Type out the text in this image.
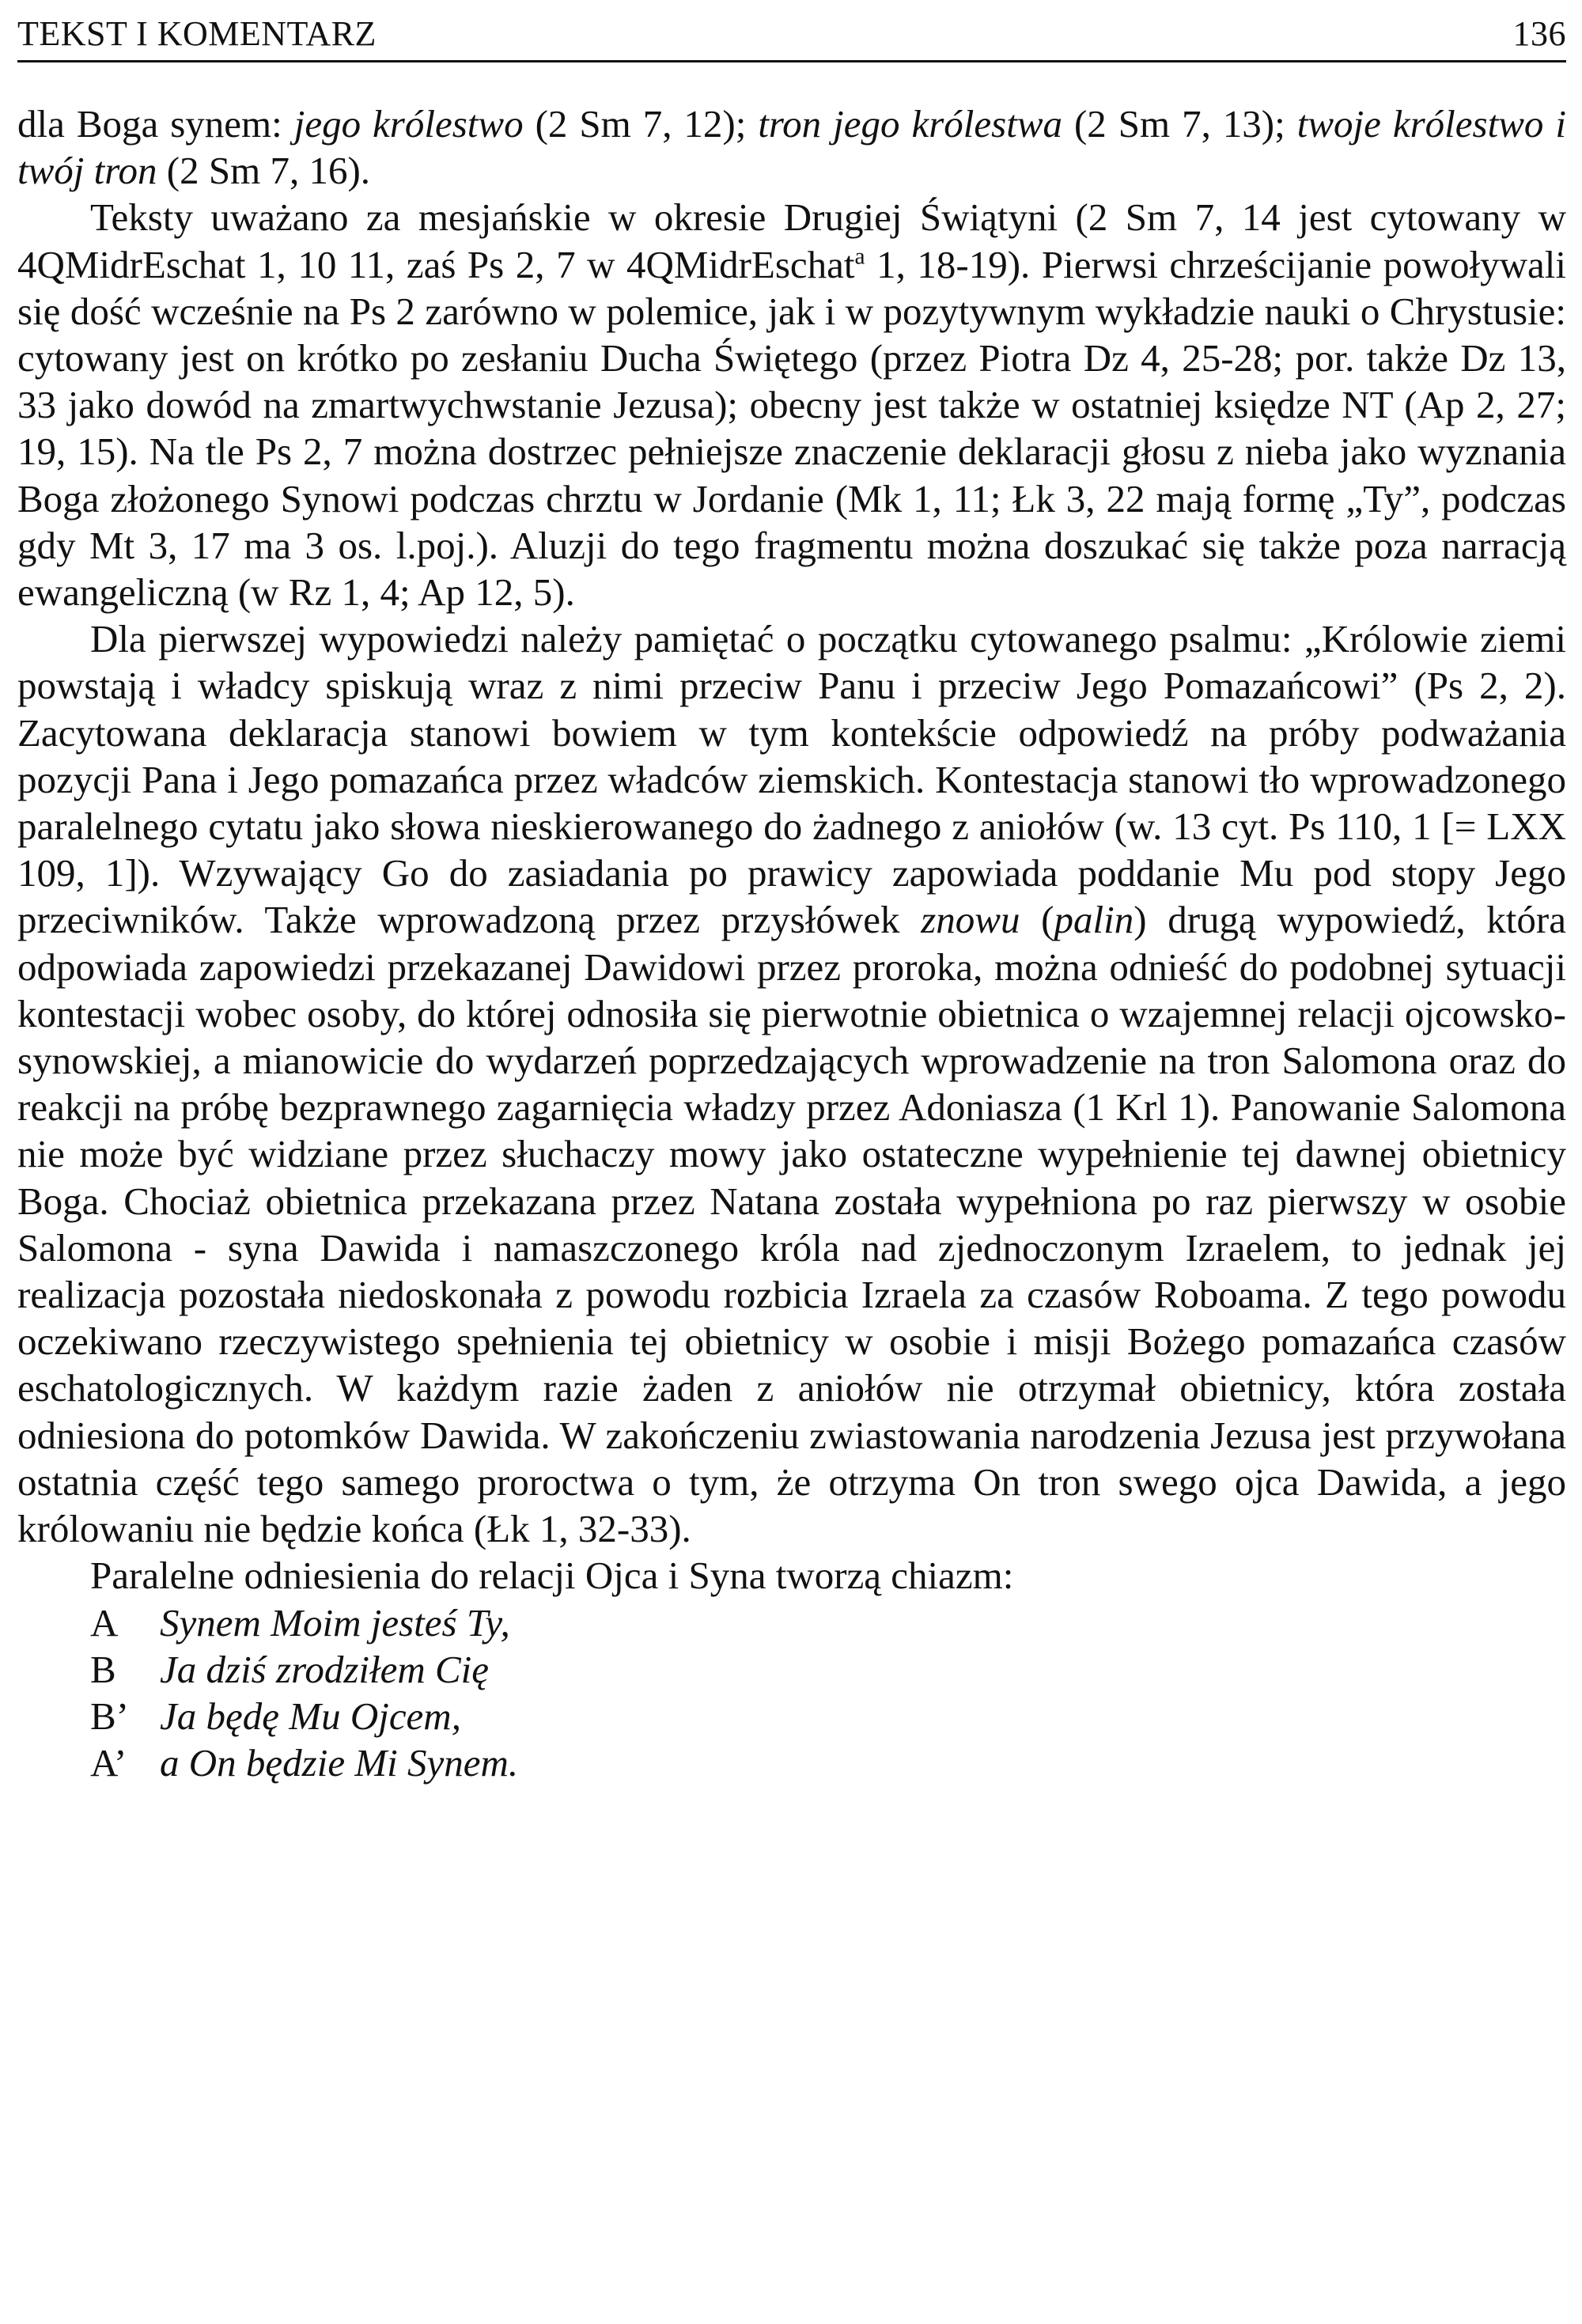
TEKST I KOMENTARZ	136

dla Boga synem: jego królestwo (2 Sm 7, 12); tron jego królestwa (2 Sm 7, 13); twoje królestwo i twój tron (2 Sm 7, 16).

Teksty uważano za mesjańskie w okresie Drugiej Świątyni (2 Sm 7, 14 jest cytowany w 4QMidrEschat 1, 10 11, zaś Ps 2, 7 w 4QMidrEschat$^a$ 1, 18-19). Pierwsi chrześcijanie powoływali się dość wcześnie na Ps 2 zarówno w polemice, jak i w pozytywnym wykładzie nauki o Chrystusie: cytowany jest on krótko po zesłaniu Ducha Świętego (przez Piotra Dz 4, 25-28; por. także Dz 13, 33 jako dowód na zmartwychwstanie Jezusa); obecny jest także w ostatniej księdze NT (Ap 2, 27; 19, 15). Na tle Ps 2, 7 można dostrzec pełniejsze znaczenie deklaracji głosu z nieba jako wyznania Boga złożonego Synowi podczas chrztu w Jordanie (Mk 1, 11; Łk 3, 22 mają formę „Ty”, podczas gdy Mt 3, 17 ma 3 os. l.poj.). Aluzji do tego fragmentu można doszukać się także poza narracją ewangeliczną (w Rz 1, 4; Ap 12, 5).

Dla pierwszej wypowiedzi należy pamiętać o początku cytowanego psalmu: „Królowie ziemi powstają i władcy spiskują wraz z nimi przeciw Panu i przeciw Jego Pomazańcowi” (Ps 2, 2). Zacytowana deklaracja stanowi bowiem w tym kontekście odpowiedź na próby podważania pozycji Pana i Jego pomazańca przez władców ziemskich. Kontestacja stanowi tło wprowadzonego paralelnego cytatu jako słowa nieskierowanego do żadnego z aniołów (w. 13 cyt. Ps 110, 1 [= LXX 109, 1]). Wzywający Go do zasiadania po prawicy zapowiada poddanie Mu pod stopy Jego przeciwników. Także wprowadzoną przez przysłówek znowu (palin) drugą wypowiedź, która odpowiada zapowiedzi przekazanej Dawidowi przez proroka, można odnieść do podobnej sytuacji kontestacji wobec osoby, do której odnosiła się pierwotnie obietnica o wzajemnej relacji ojcowsko-synowskiej, a mianowicie do wydarzeń poprzedzających wprowadzenie na tron Salomona oraz do reakcji na próbę bezprawnego zagarnięcia władzy przez Adoniasza (1 Krl 1). Panowanie Salomona nie może być widziane przez słuchaczy mowy jako ostateczne wypełnienie tej dawnej obietnicy Boga. Chociaż obietnica przekazana przez Natana została wypełniona po raz pierwszy w osobie Salomona - syna Dawida i namaszczonego króla nad zjednoczonym Izraelem, to jednak jej realizacja pozostała niedoskonała z powodu rozbicia Izraela za czasów Roboama. Z tego powodu oczekiwano rzeczywistego spełnienia tej obietnicy w osobie i misji Bożego pomazańca czasów eschatologicznych. W każdym razie żaden z aniołów nie otrzymał obietnicy, która została odniesiona do potomków Dawida. W zakończeniu zwiastowania narodzenia Jezusa jest przywołana ostatnia część tego samego proroctwa o tym, że otrzyma On tron swego ojca Dawida, a jego królowaniu nie będzie końca (Łk 1, 32-33).

Paralelne odniesienia do relacji Ojca i Syna tworzą chiazm:

A	Synem Moim jesteś Ty,
B	Ja dziś zrodziłem Cię
B’ Ja będę Mu Ojcem,
A’ a On będzie Mi Synem.
